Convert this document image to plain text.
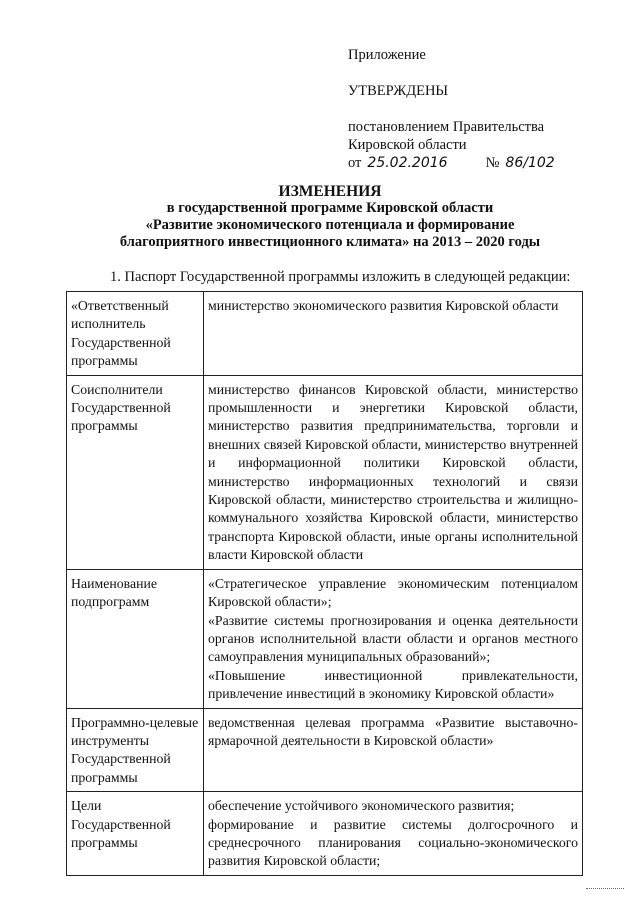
Приложение
УТВЕРЖДЕНЫ
постановлением Правительства
Кировской области
от 25.02.2016	№ 86/102
ИЗМЕНЕНИЯ
в государственной программе Кировской области
«Развитие экономического потенциала и формирование
благоприятного инвестиционного климата» на 2013 – 2020 годы
1. Паспорт Государственной программы изложить в следующей редакции:
«Ответственный исполнитель Государственной программы	министерство экономического развития Кировской области

Соисполнители Государственной программы	министерство финансов Кировской области, министерство промышленности и энергетики Кировской области, министерство развития предпринимательства, торговли и внешних связей Кировской области, министерство внутренней и информационной политики Кировской области, министерство информационных технологий и связи Кировской области, министерство строительства и жилищно-коммунального хозяйства Кировской области, министерство транспорта Кировской области, иные органы исполнительной власти Кировской области

Наименование подпрограмм	«Стратегическое управление экономическим потенциалом Кировской области»;
«Развитие системы прогнозирования и оценка деятельности органов исполнительной власти области и органов местного самоуправления муниципальных образований»;
«Повышение инвестиционной привлекательности, привлечение инвестиций в экономику Кировской области»

Программно-целевые инструменты Государственной программы	ведомственная целевая программа «Развитие выставочно-ярмарочной деятельности в Кировской области»

Цели Государственной программы	обеспечение устойчивого экономического развития;
формирование и развитие системы долгосрочного и среднесрочного планирования социально-экономического развития Кировской области;
